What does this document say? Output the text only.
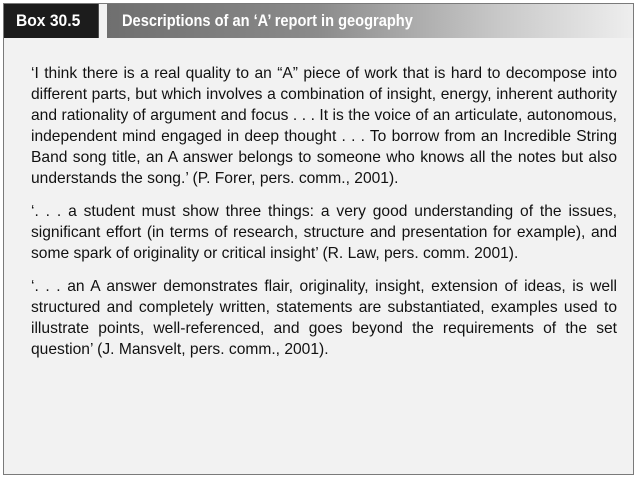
Box 30.5	Descriptions of an ‘A’ report in geography

‘I think there is a real quality to an “A” piece of work that is hard to decompose into different parts, but which involves a combination of insight, energy, inherent authority and rationality of argument and focus . . . It is the voice of an articulate, autonomous, independent mind engaged in deep thought . . . To borrow from an Incredible String Band song title, an A answer belongs to someone who knows all the notes but also understands the song.’ (P. Forer, pers. comm., 2001).

‘. . . a student must show three things: a very good understanding of the issues, significant effort (in terms of research, structure and presentation for example), and some spark of originality or critical insight’ (R. Law, pers. comm. 2001).

‘. . . an A answer demonstrates flair, originality, insight, extension of ideas, is well structured and completely written, statements are substantiated, examples used to illustrate points, well-referenced, and goes beyond the requirements of the set question’ (J. Mansvelt, pers. comm., 2001).
